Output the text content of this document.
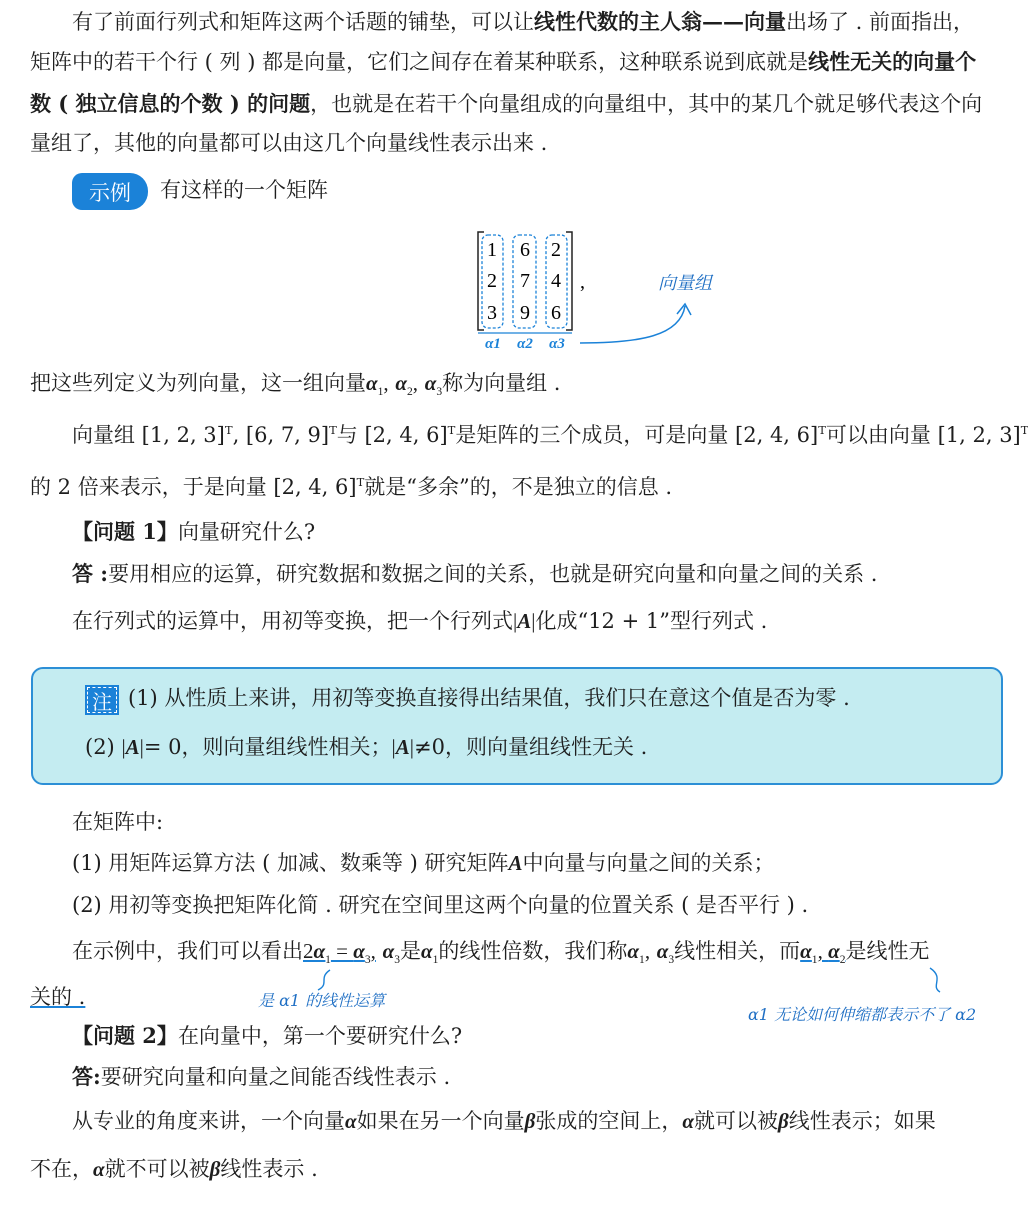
有了前面行列式和矩阵这两个话题的铺垫，可以让线性代数的主人翁——向量出场了 . 前面指出，
矩阵中的若干个行 ( 列 ) 都是向量，它们之间存在着某种联系，这种联系说到底就是线性无关的向量个
数 ( 独立信息的个数 ) 的问题，也就是在若干个向量组成的向量组中，其中的某几个就足够代表这个向
量组了，其他的向量都可以由这几个向量线性表示出来 .
示例	有这样的一个矩阵
1 6 2
2 7 4
3 9 6
,
α1 α2 α3
向量组
把这些列定义为列向量，这一组向量$\alpha_1$, $\alpha_2$, $\alpha_3$称为向量组 .
向量组 [1, 2, 3]$^T$, [6, 7, 9]$^T$与 [2, 4, 6]$^T$是矩阵的三个成员，可是向量 [2, 4, 6]$^T$可以由向量 [1, 2, 3]$^T$
的 2 倍来表示，于是向量 [2, 4, 6]$^T$就是“多余”的，不是独立的信息 .
【问题 1】向量研究什么?
答 :要用相应的运算，研究数据和数据之间的关系，也就是研究向量和向量之间的关系 .
在行列式的运算中，用初等变换，把一个行列式|A|化成“12 + 1”型行列式 .
注 (1) 从性质上来讲，用初等变换直接得出结果值，我们只在意这个值是否为零 .
(2) |A|= 0，则向量组线性相关；|A|≠0，则向量组线性无关 .
在矩阵中:
(1) 用矩阵运算方法 ( 加减、数乘等 ) 研究矩阵A中向量与向量之间的关系；
(2) 用初等变换把矩阵化简 . 研究在空间里这两个向量的位置关系 ( 是否平行 ) .
在示例中，我们可以看出$2\alpha_1 = \alpha_3$, $\alpha_3$是$\alpha_1$的线性倍数，我们称$\alpha_1$, $\alpha_3$线性相关，而$\alpha_1$, $\alpha_2$是线性无
关的 .	是 α1 的线性运算
α1 无论如何伸缩都表示不了 α2
【问题 2】在向量中，第一个要研究什么?
答:要研究向量和向量之间能否线性表示 .
从专业的角度来讲，一个向量α如果在另一个向量β张成的空间上，α就可以被β线性表示；如果
不在，α就不可以被β线性表示 .
